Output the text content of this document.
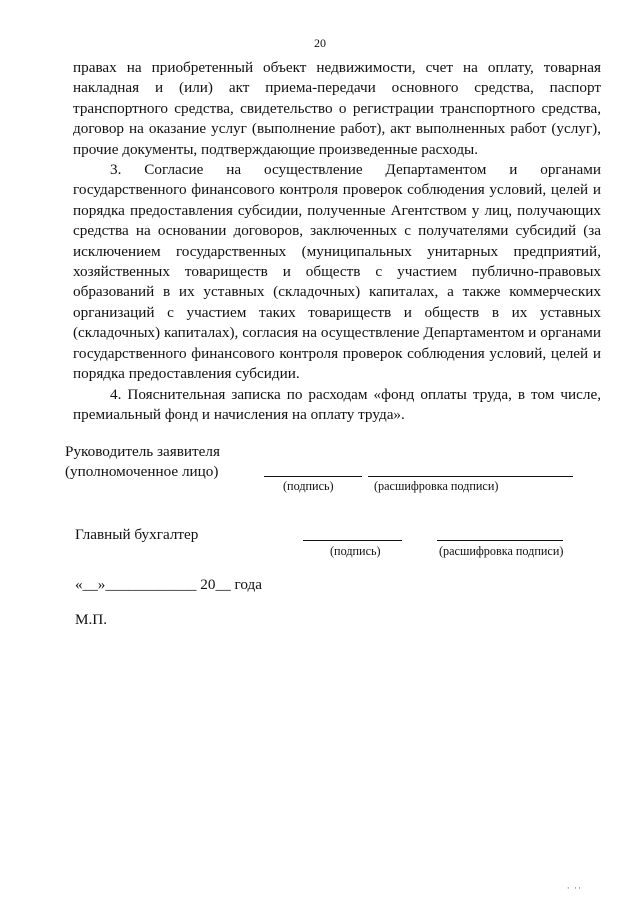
20

правах на приобретенный объект недвижимости, счет на оплату, товарная накладная и (или) акт приема-передачи основного средства, паспорт транспортного средства, свидетельство о регистрации транспортного средства, договор на оказание услуг (выполнение работ), акт выполненных работ (услуг), прочие документы, подтверждающие произведенные расходы.

3. Согласие на осуществление Департаментом и органами государственного финансового контроля проверок соблюдения условий, целей и порядка предоставления субсидии, полученные Агентством у лиц, получающих средства на основании договоров, заключенных с получателями субсидий (за исключением государственных (муниципальных унитарных предприятий, хозяйственных товариществ и обществ с участием публично-правовых образований в их уставных (складочных) капиталах, а также коммерческих организаций с участием таких товариществ и обществ в их уставных (складочных) капиталах), согласия на осуществление Департаментом и органами государственного финансового контроля проверок соблюдения условий, целей и порядка предоставления субсидии.

4. Пояснительная записка по расходам «фонд оплаты труда, в том числе, премиальный фонд и начисления на оплату труда».

Руководитель заявителя
(уполномоченное лицо)
(подпись)	(расшифровка подписи)
Главный бухгалтер
(подпись)	(расшифровка подписи)
«__»____________ 20__ года
М.П.
· ··
